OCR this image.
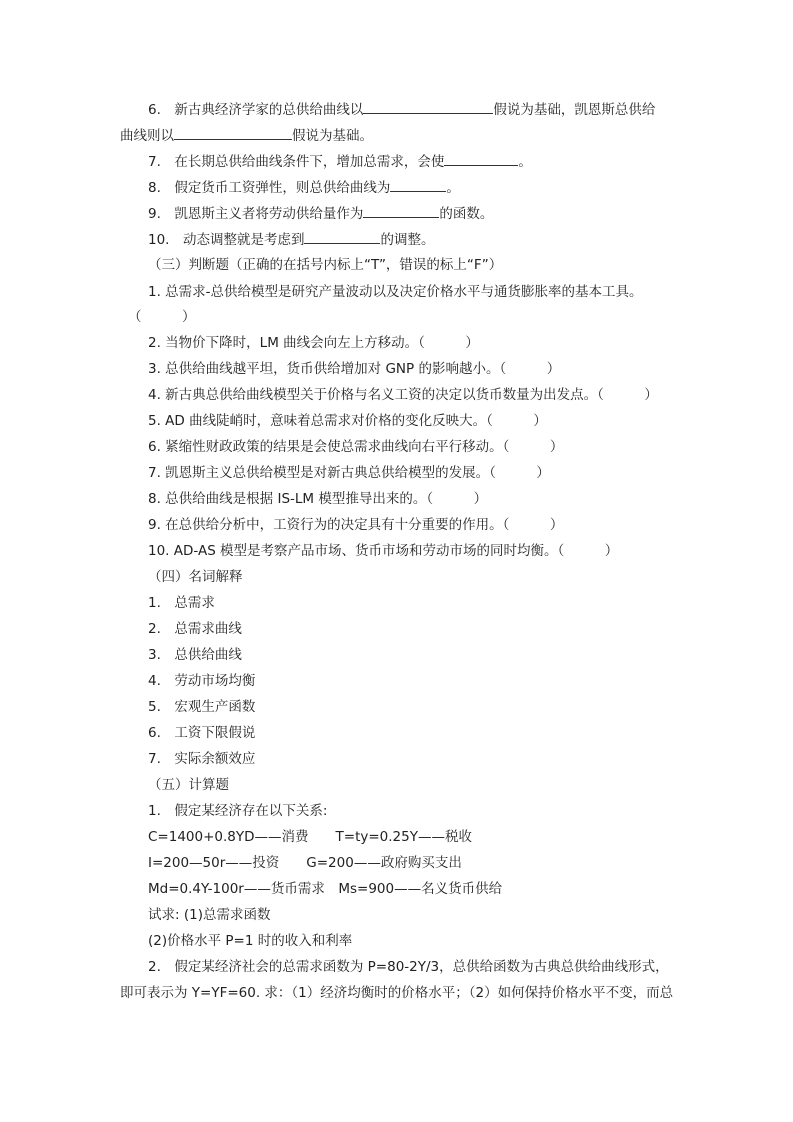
6.　新古典经济学家的总供给曲线以	假说为基础，凯恩斯总供给
曲线则以	假说为基础。
7.　在长期总供给曲线条件下，增加总需求，会使	。
8.　假定货币工资弹性，则总供给曲线为	。
9.　凯恩斯主义者将劳动供给量作为	的函数。
10.　动态调整就是考虑到	的调整。
（三）判断题（正确的在括号内标上“T”，错误的标上“F”）
1. 总需求-总供给模型是研究产量波动以及决定价格水平与通货膨胀率的基本工具。
（　　　）
2. 当物价下降时，LM 曲线会向左上方移动。（　　　）
3. 总供给曲线越平坦，货币供给增加对 GNP 的影响越小。（　　　）
4. 新古典总供给曲线模型关于价格与名义工资的决定以货币数量为出发点。（　　　）
5. AD 曲线陡峭时，意味着总需求对价格的变化反映大。（　　　）
6. 紧缩性财政政策的结果是会使总需求曲线向右平行移动。（　　　）
7. 凯恩斯主义总供给模型是对新古典总供给模型的发展。（　　　）
8. 总供给曲线是根据 IS-LM 模型推导出来的。（　　　）
9. 在总供给分析中，工资行为的决定具有十分重要的作用。（　　　）
10. AD-AS 模型是考察产品市场、货币市场和劳动市场的同时均衡。（　　　）
（四）名词解释
1.　总需求
2.　总需求曲线
3.　总供给曲线
4.　劳动市场均衡
5.　宏观生产函数
6.　工资下限假说
7.　实际余额效应
（五）计算题
1.　假定某经济存在以下关系:
C=1400+0.8YD——消费　　T=ty=0.25Y——税收
I=200—50r——投资　　G=200——政府购买支出
Md=0.4Y-100r——货币需求　Ms=900——名义货币供给
试求: (1)总需求函数
(2)价格水平 P=1 时的收入和利率
2.　假定某经济社会的总需求函数为 P=80-2Y/3，总供给函数为古典总供给曲线形式，
即可表示为 Y=YF=60. 求：（1）经济均衡时的价格水平；（2）如何保持价格水平不变，而总
